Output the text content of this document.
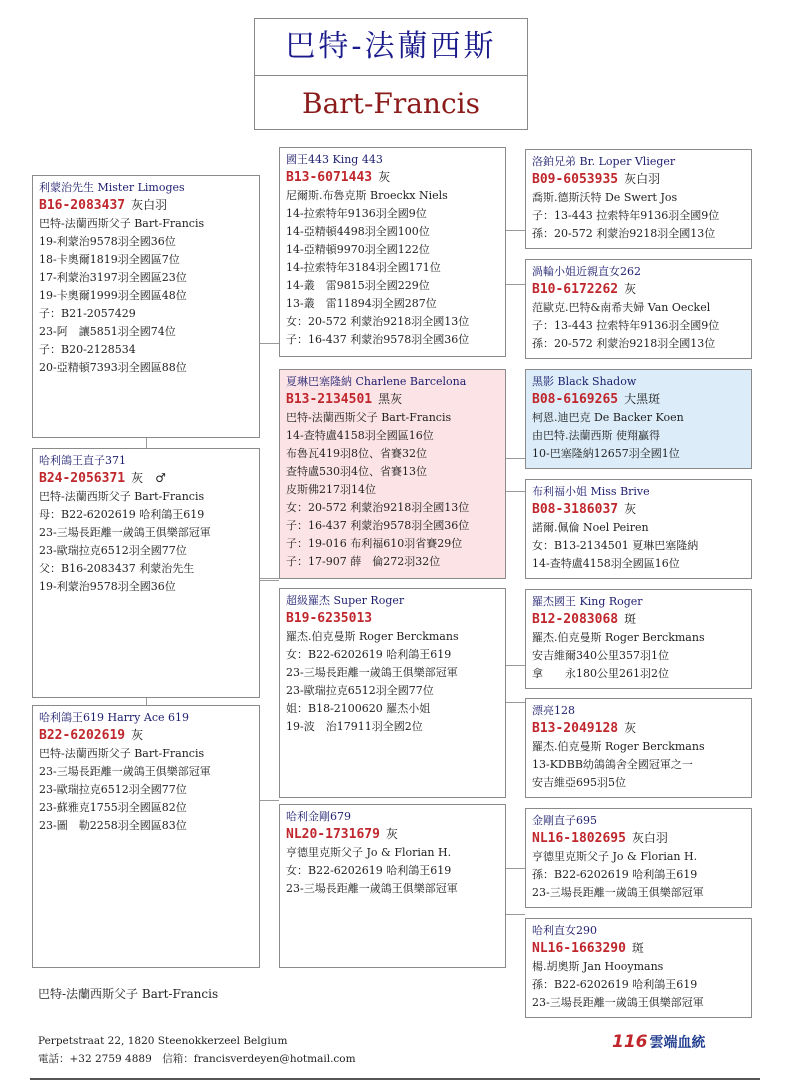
巴特-法蘭西斯
Bart-Francis
利蒙治先生 Mister Limoges
B16-2083437 灰白羽
巴特-法蘭西斯父子 Bart-Francis
19-利蒙治9578羽全國36位
18-卡奧爾1819羽全國區7位
17-利蒙治3197羽全國區23位
19-卡奧爾1999羽全國區48位
子：B21-2057429
23-阿　讓5851羽全國74位
子：B20-2128534
20-亞精頓7393羽全國區88位
哈利鴿王直子371
B24-2056371 灰　♂
巴特-法蘭西斯父子 Bart-Francis
母：B22-6202619 哈利鴿王619
23-三場長距離一歲鴿王俱樂部冠軍
23-歐瑞拉克6512羽全國77位
父：B16-2083437 利蒙治先生
19-利蒙治9578羽全國36位
哈利鴿王619 Harry Ace 619
B22-6202619 灰
巴特-法蘭西斯父子 Bart-Francis
23-三場長距離一歲鴿王俱樂部冠軍
23-歐瑞拉克6512羽全國77位
23-蘇雅克1755羽全國區82位
23-圖　勒2258羽全國區83位
國王443 King 443
B13-6071443 灰
尼爾斯.布魯克斯 Broeckx Niels
14-拉索特年9136羽全國9位
14-亞精頓4498羽全國100位
14-亞精頓9970羽全國122位
14-拉索特年3184羽全國171位
14-叢　雷9815羽全國229位
13-叢　雷11894羽全國287位
女：20-572 利蒙治9218羽全國13位
子：16-437 利蒙治9578羽全國36位
夏琳巴塞隆納 Charlene Barcelona
B13-2134501 黑灰
巴特-法蘭西斯父子 Bart-Francis
14-查特盧4158羽全國區16位
布魯瓦419羽8位、省賽32位
查特盧530羽4位、省賽13位
皮斯佛217羽14位
女：20-572 利蒙治9218羽全國13位
子：16-437 利蒙治9578羽全國36位
子：19-016 布利福610羽省賽29位
子：17-907 薛　倫272羽32位
超級羅杰 Super Roger
B19-6235013
羅杰.伯克曼斯 Roger Berckmans
女：B22-6202619 哈利鴿王619
23-三場長距離一歲鴿王俱樂部冠軍
23-歐瑞拉克6512羽全國77位
姐：B18-2100620 羅杰小姐
19-波　治17911羽全國2位
哈利金剛679
NL20-1731679 灰
亨德里克斯父子 Jo & Florian H.
女：B22-6202619 哈利鴿王619
23-三場長距離一歲鴿王俱樂部冠軍
洛鉑兄弟 Br. Loper Vlieger
B09-6053935 灰白羽
喬斯.德斯沃特 De Swert Jos
子：13-443 拉索特年9136羽全國9位
孫：20-572 利蒙治9218羽全國13位
渦輪小姐近親直女262
B10-6172262 灰
范歐克.巴特&南希夫婦 Van Oeckel
子：13-443 拉索特年9136羽全國9位
孫：20-572 利蒙治9218羽全國13位
黑影 Black Shadow
B08-6169265 大黑斑
柯恩.迪巴克 De Backer Koen
由巴特.法蘭西斯 使翔贏得
10-巴塞隆納12657羽全國1位
布利福小姐 Miss Brive
B08-3186037 灰
諾爾.佩倫 Noel Peiren
女：B13-2134501 夏琳巴塞隆納
14-查特盧4158羽全國區16位
羅杰國王 King Roger
B12-2083068 斑
羅杰.伯克曼斯 Roger Berckmans
安吉維爾340公里357羽1位
拿　　永180公里261羽2位
漂亮128
B13-2049128 灰
羅杰.伯克曼斯 Roger Berckmans
13-KDBB幼鴿鴿舍全國冠軍之一
安吉維亞695羽5位
金剛直子695
NL16-1802695 灰白羽
亨德里克斯父子 Jo & Florian H.
孫：B22-6202619 哈利鴿王619
23-三場長距離一歲鴿王俱樂部冠軍
哈利直女290
NL16-1663290 斑
楊.胡奧斯 Jan Hooymans
孫：B22-6202619 哈利鴿王619
23-三場長距離一歲鴿王俱樂部冠軍
巴特-法蘭西斯父子 Bart-Francis
Perpetstraat 22, 1820 Steenokkerzeel Belgium
電話：+32 2759 4889　信箱：francisverdeyen@hotmail.com
116 雲端血統
